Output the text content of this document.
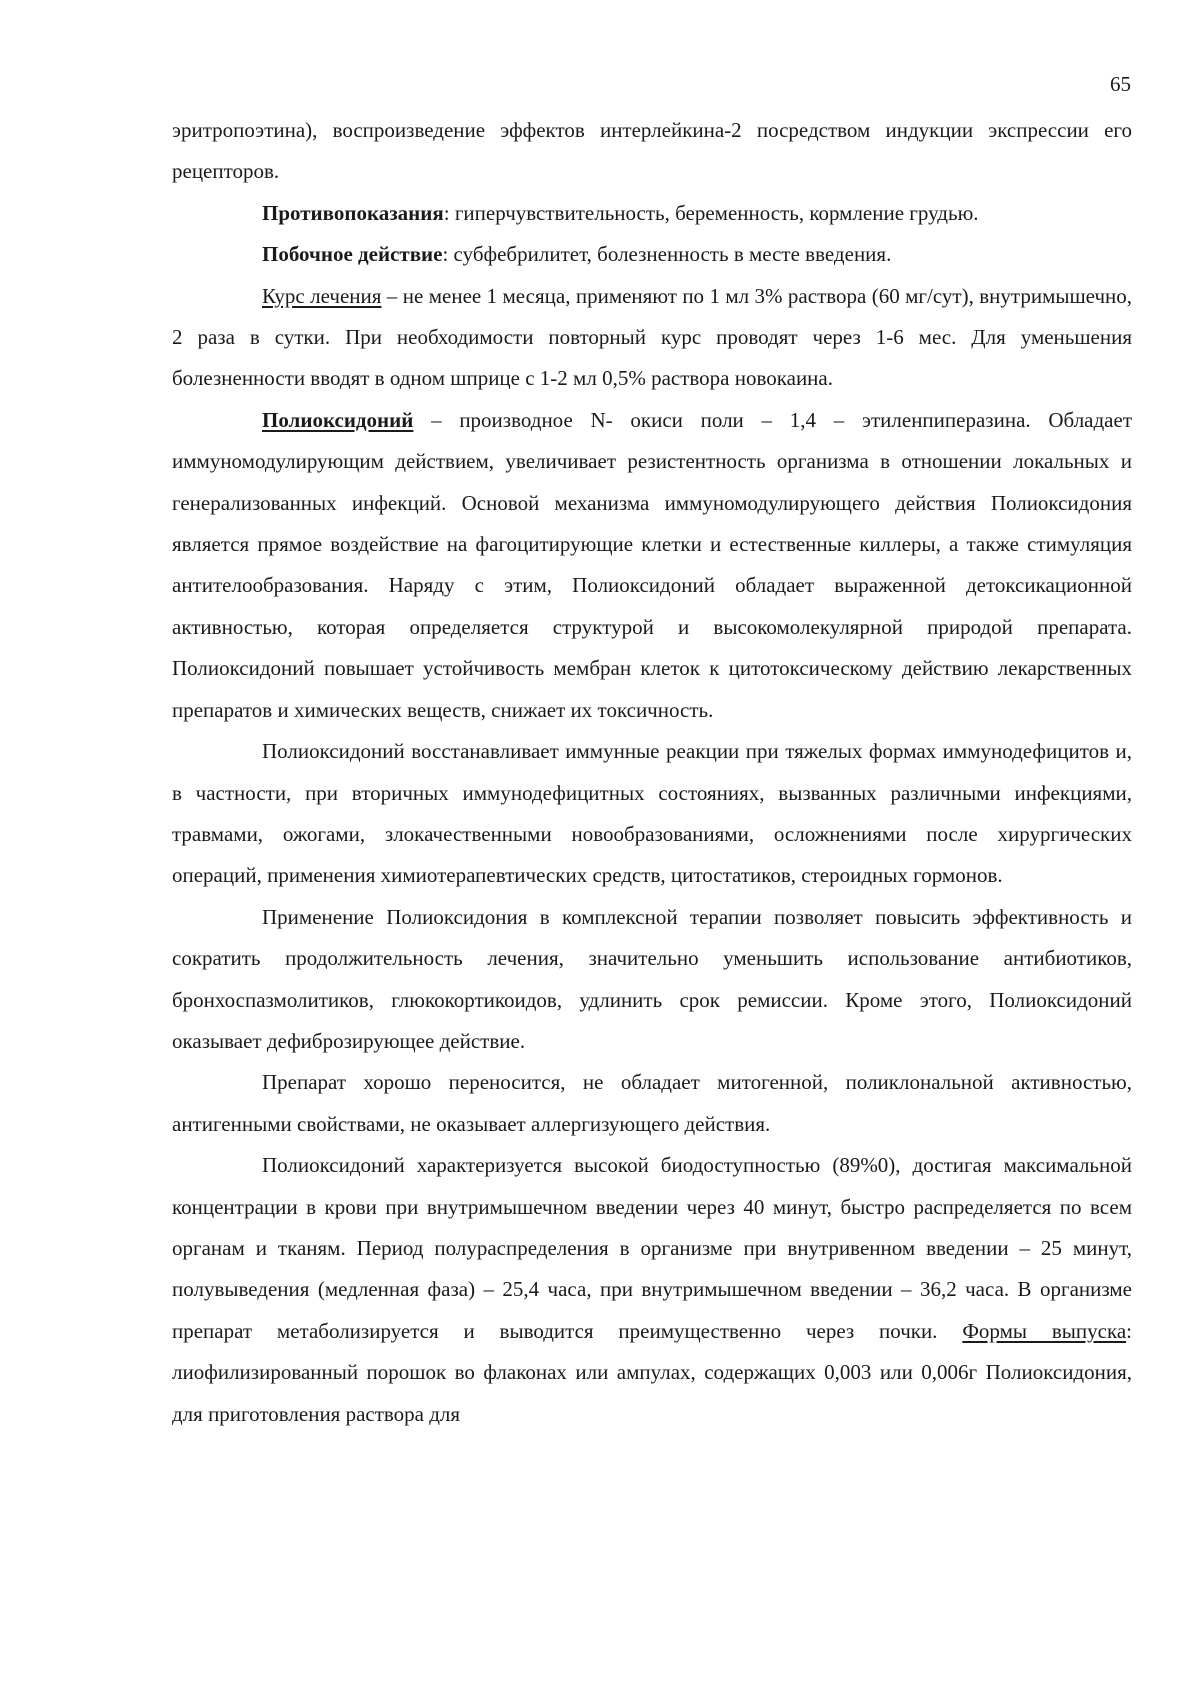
65

эритропоэтина), воспроизведение эффектов интерлейкина-2 посредством индукции экспрессии его рецепторов.

Противопоказания: гиперчувствительность, беременность, кормление грудью.

Побочное действие: субфебрилитет, болезненность в месте введения.

Курс лечения – не менее 1 месяца, применяют по 1 мл 3% раствора (60 мг/сут), внутримышечно, 2 раза в сутки. При необходимости повторный курс проводят через 1-6 мес. Для уменьшения болезненности вводят в одном шприце с 1-2 мл 0,5% раствора новокаина.

Полиоксидоний – производное N- окиси поли – 1,4 – этиленпиперазина. Обладает иммуномодулирующим действием, увеличивает резистентность организма в отношении локальных и генерализованных инфекций. Основой механизма иммуномодулирующего действия Полиоксидония является прямое воздействие на фагоцитирующие клетки и естественные киллеры, а также стимуляция антителообразования. Наряду с этим, Полиоксидоний обладает выраженной детоксикационной активностью, которая определяется структурой и высокомолекулярной природой препарата. Полиоксидоний повышает устойчивость мембран клеток к цитотоксическому действию лекарственных препаратов и химических веществ, снижает их токсичность.

Полиоксидоний восстанавливает иммунные реакции при тяжелых формах иммунодефицитов и, в частности, при вторичных иммунодефицитных состояниях, вызванных различными инфекциями, травмами, ожогами, злокачественными новообразованиями, осложнениями после хирургических операций, применения химиотерапевтических средств, цитостатиков, стероидных гормонов.

Применение Полиоксидония в комплексной терапии позволяет повысить эффективность и сократить продолжительность лечения, значительно уменьшить использование антибиотиков, бронхоспазмолитиков, глюкокортикоидов, удлинить срок ремиссии. Кроме этого, Полиоксидоний оказывает дефиброзирующее действие.

Препарат хорошо переносится, не обладает митогенной, поликлональной активностью, антигенными свойствами, не оказывает аллергизующего действия.

Полиоксидоний характеризуется высокой биодоступностью (89%0), достигая максимальной концентрации в крови при внутримышечном введении через 40 минут, быстро распределяется по всем органам и тканям. Период полураспределения в организме при внутривенном введении – 25 минут, полувыведения (медленная фаза) – 25,4 часа, при внутримышечном введении – 36,2 часа. В организме препарат метаболизируется и выводится преимущественно через почки. Формы выпуска: лиофилизированный порошок во флаконах или ампулах, содержащих 0,003 или 0,006г Полиоксидония, для приготовления раствора для
